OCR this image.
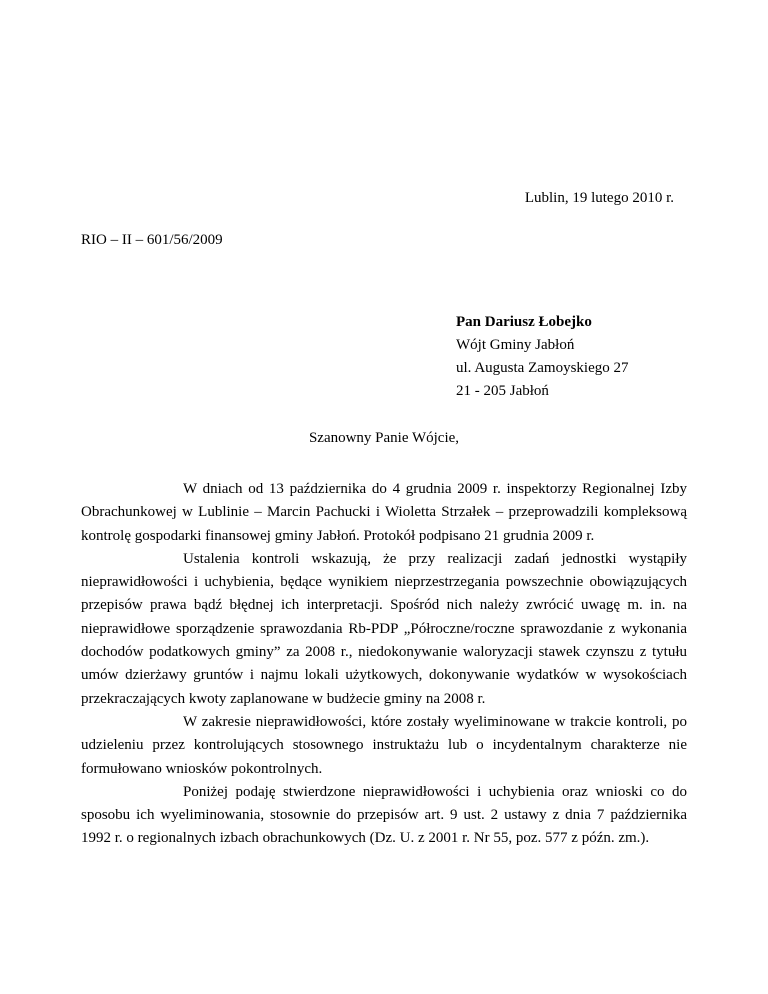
Lublin, 19 lutego 2010 r.
RIO – II – 601/56/2009
Pan Dariusz Łobejko
Wójt Gminy Jabłoń
ul. Augusta Zamoyskiego 27
21 - 205 Jabłoń
Szanowny Panie Wójcie,

W dniach od 13 października do 4 grudnia 2009 r. inspektorzy Regionalnej Izby Obrachunkowej w Lublinie – Marcin Pachucki i Wioletta Strzałek – przeprowadzili kompleksową kontrolę gospodarki finansowej gminy Jabłoń. Protokół podpisano 21 grudnia 2009 r.

Ustalenia kontroli wskazują, że przy realizacji zadań jednostki wystąpiły nieprawidłowości i uchybienia, będące wynikiem nieprzestrzegania powszechnie obowiązujących przepisów prawa bądź błędnej ich interpretacji. Spośród nich należy zwrócić uwagę m. in. na nieprawidłowe sporządzenie sprawozdania Rb-PDP „Półroczne/roczne sprawozdanie z wykonania dochodów podatkowych gminy” za 2008 r., niedokonywanie waloryzacji stawek czynszu z tytułu umów dzierżawy gruntów i najmu lokali użytkowych, dokonywanie wydatków w wysokościach przekraczających kwoty zaplanowane w budżecie gminy na 2008 r.

W zakresie nieprawidłowości, które zostały wyeliminowane w trakcie kontroli, po udzieleniu przez kontrolujących stosownego instruktażu lub o incydentalnym charakterze nie formułowano wniosków pokontrolnych.

Poniżej podaję stwierdzone nieprawidłowości i uchybienia oraz wnioski co do sposobu ich wyeliminowania, stosownie do przepisów art. 9 ust. 2 ustawy z dnia 7 października 1992 r. o regionalnych izbach obrachunkowych (Dz. U. z 2001 r. Nr 55, poz. 577 z późn. zm.).
